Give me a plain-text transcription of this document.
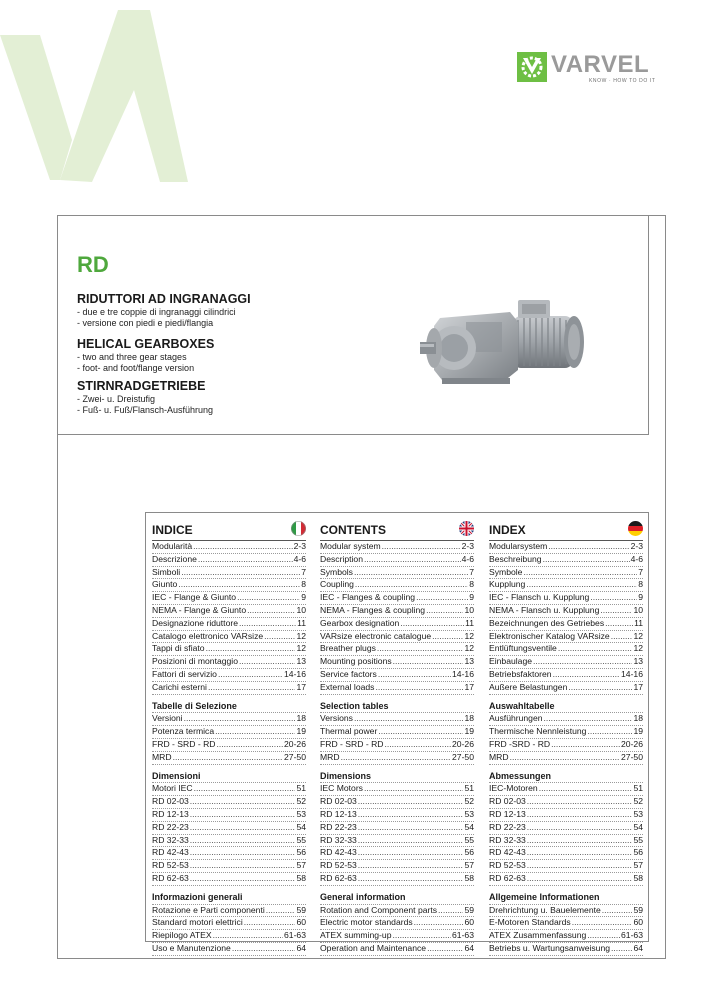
VARVEL
KNOW · HOW TO DO IT
RD
RIDUTTORI AD INGRANAGGI

- due e tre coppie di ingranaggi cilindrici

- versione con piedi e piedi/flangia

HELICAL GEARBOXES

- two and three gear stages

- foot- and foot/flange version

STIRNRADGETRIEBE

- Zwei- u. Dreistufig

- Fuß- u. Fuß/Flansch-Ausführung

INDICE
Modularità .....	2-3
Descrizione .....	4-6
Simboli .....	7
Giunto .....	8
IEC - Flange & Giunto .....	9
NEMA - Flange & Giunto .....	10
Designazione riduttore .....	11
Catalogo elettronico VARsize .....	12
Tappi di sfiato .....	12
Posizioni di montaggio .....	13
Fattori di servizio .....	14-16
Carichi esterni .....	17
Tabelle di Selezione
Versioni .....	18
Potenza termica .....	19
FRD - SRD - RD .....	20-26
MRD .....	27-50
Dimensioni
Motori IEC .....	51
RD 02-03 .....	52
RD 12-13 .....	53
RD 22-23 .....	54
RD 32-33 .....	55
RD 42-43 .....	56
RD 52-53 .....	57
RD 62-63 .....	58
Informazioni generali
Rotazione e Parti componenti .....	59
Standard motori elettrici .....	60
Riepilogo ATEX .....	61-63
Uso e Manutenzione .....	64
CONTENTS
Modular system .....	2-3
Description .....	4-6
Symbols .....	7
Coupling .....	8
IEC - Flanges & coupling .....	9
NEMA - Flanges & coupling .....	10
Gearbox designation .....	11
VARsize electronic catalogue .....	12
Breather plugs .....	12
Mounting positions .....	13
Service factors .....	14-16
External loads .....	17
Selection tables
Versions .....	18
Thermal power .....	19
FRD - SRD - RD .....	20-26
MRD .....	27-50
Dimensions
IEC Motors .....	51
RD 02-03 .....	52
RD 12-13 .....	53
RD 22-23 .....	54
RD 32-33 .....	55
RD 42-43 .....	56
RD 52-53 .....	57
RD 62-63 .....	58
General information
Rotation and Component parts .....	59
Electric motor standards .....	60
ATEX summing-up .....	61-63
Operation and Maintenance .....	64
INDEX
Modularsystem .....	2-3
Beschreibung .....	4-6
Symbole .....	7
Kupplung .....	8
IEC - Flansch u. Kupplung .....	9
NEMA - Flansch u. Kupplung .....	10
Bezeichnungen des Getriebes .....	11
Elektronischer Katalog VARsize .....	12
Entlüftungsventile .....	12
Einbaulage .....	13
Betriebsfaktoren .....	14-16
Außere Belastungen .....	17
Auswahltabelle
Ausführungen .....	18
Thermische Nennleistung .....	19
FRD -SRD - RD .....	20-26
MRD .....	27-50
Abmessungen
IEC-Motoren .....	51
RD 02-03 .....	52
RD 12-13 .....	53
RD 22-23 .....	54
RD 32-33 .....	55
RD 42-43 .....	56
RD 52-53 .....	57
RD 62-63 .....	58
Allgemeine Informationen
Drehrichtung u. Bauelemente .....	59
E-Motoren Standards .....	60
ATEX Zusammenfassung .....	61-63
Betriebs u. Wartungsanweisung .....	64
